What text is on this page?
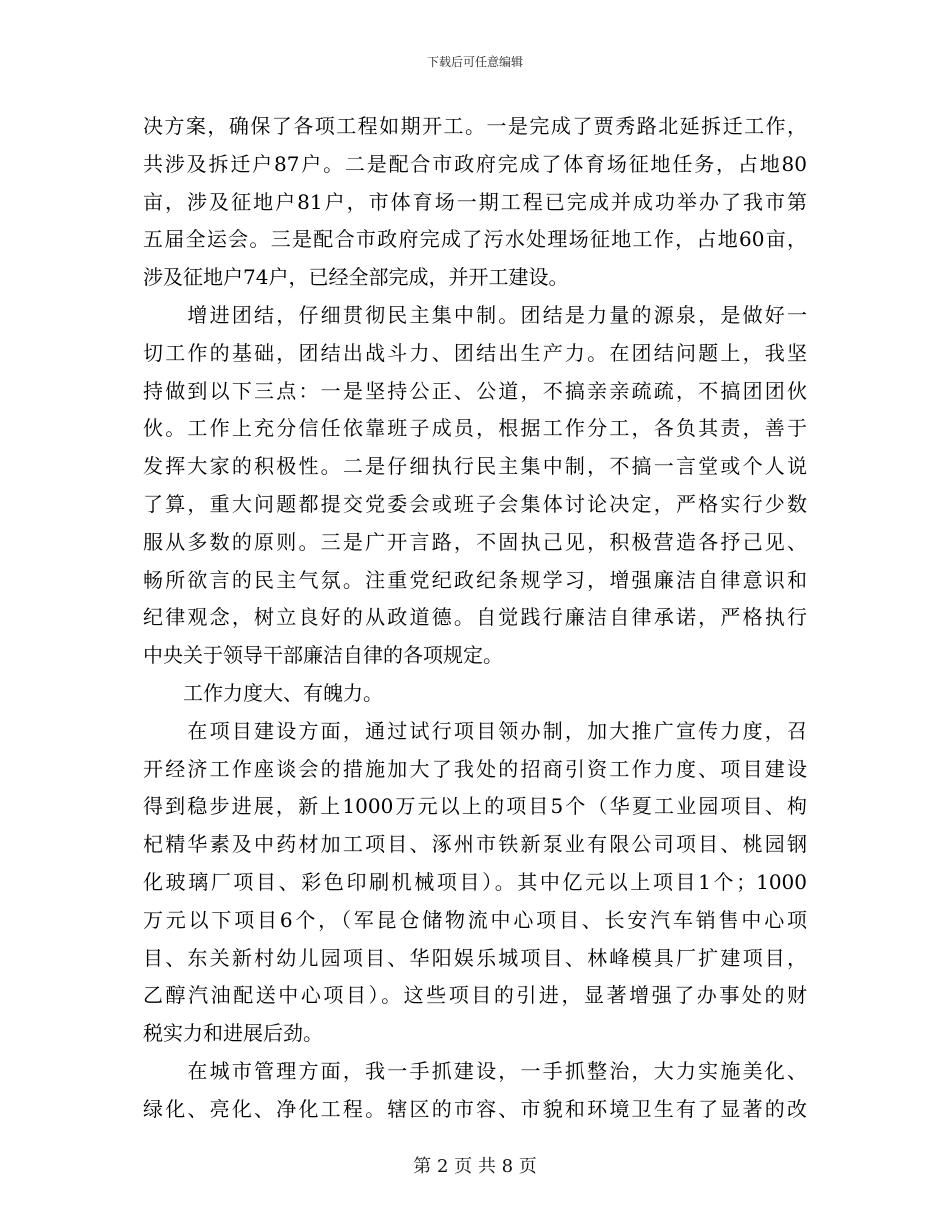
下载后可任意编辑
决方案，确保了各项工程如期开工。一是完成了贾秀路北延拆迁工作，
共涉及拆迁户87户。二是配合市政府完成了体育场征地任务，占地80
亩，涉及征地户81户，市体育场一期工程已完成并成功举办了我市第
五届全运会。三是配合市政府完成了污水处理场征地工作，占地60亩，
涉及征地户74户，已经全部完成，并开工建设。
　　增进团结，仔细贯彻民主集中制。团结是力量的源泉，是做好一
切工作的基础，团结出战斗力、团结出生产力。在团结问题上，我坚
持做到以下三点：一是坚持公正、公道，不搞亲亲疏疏，不搞团团伙
伙。工作上充分信任依靠班子成员，根据工作分工，各负其责，善于
发挥大家的积极性。二是仔细执行民主集中制，不搞一言堂或个人说
了算，重大问题都提交党委会或班子会集体讨论决定，严格实行少数
服从多数的原则。三是广开言路，不固执己见，积极营造各抒己见、
畅所欲言的民主气氛。注重党纪政纪条规学习，增强廉洁自律意识和
纪律观念，树立良好的从政道德。自觉践行廉洁自律承诺，严格执行
中央关于领导干部廉洁自律的各项规定。
　　工作力度大、有魄力。
　　在项目建设方面，通过试行项目领办制，加大推广宣传力度，召
开经济工作座谈会的措施加大了我处的招商引资工作力度、项目建设
得到稳步进展，新上1000万元以上的项目5个（华夏工业园项目、枸
杞精华素及中药材加工项目、涿州市铁新泵业有限公司项目、桃园钢
化玻璃厂项目、彩色印刷机械项目）。其中亿元以上项目1个；1000
万元以下项目6个，（军昆仓储物流中心项目、长安汽车销售中心项
目、东关新村幼儿园项目、华阳娱乐城项目、林峰模具厂扩建项目，
乙醇汽油配送中心项目）。这些项目的引进，显著增强了办事处的财
税实力和进展后劲。
　　在城市管理方面，我一手抓建设，一手抓整治，大力实施美化、
绿化、亮化、净化工程。辖区的市容、市貌和环境卫生有了显著的改
第 2 页 共 8 页
